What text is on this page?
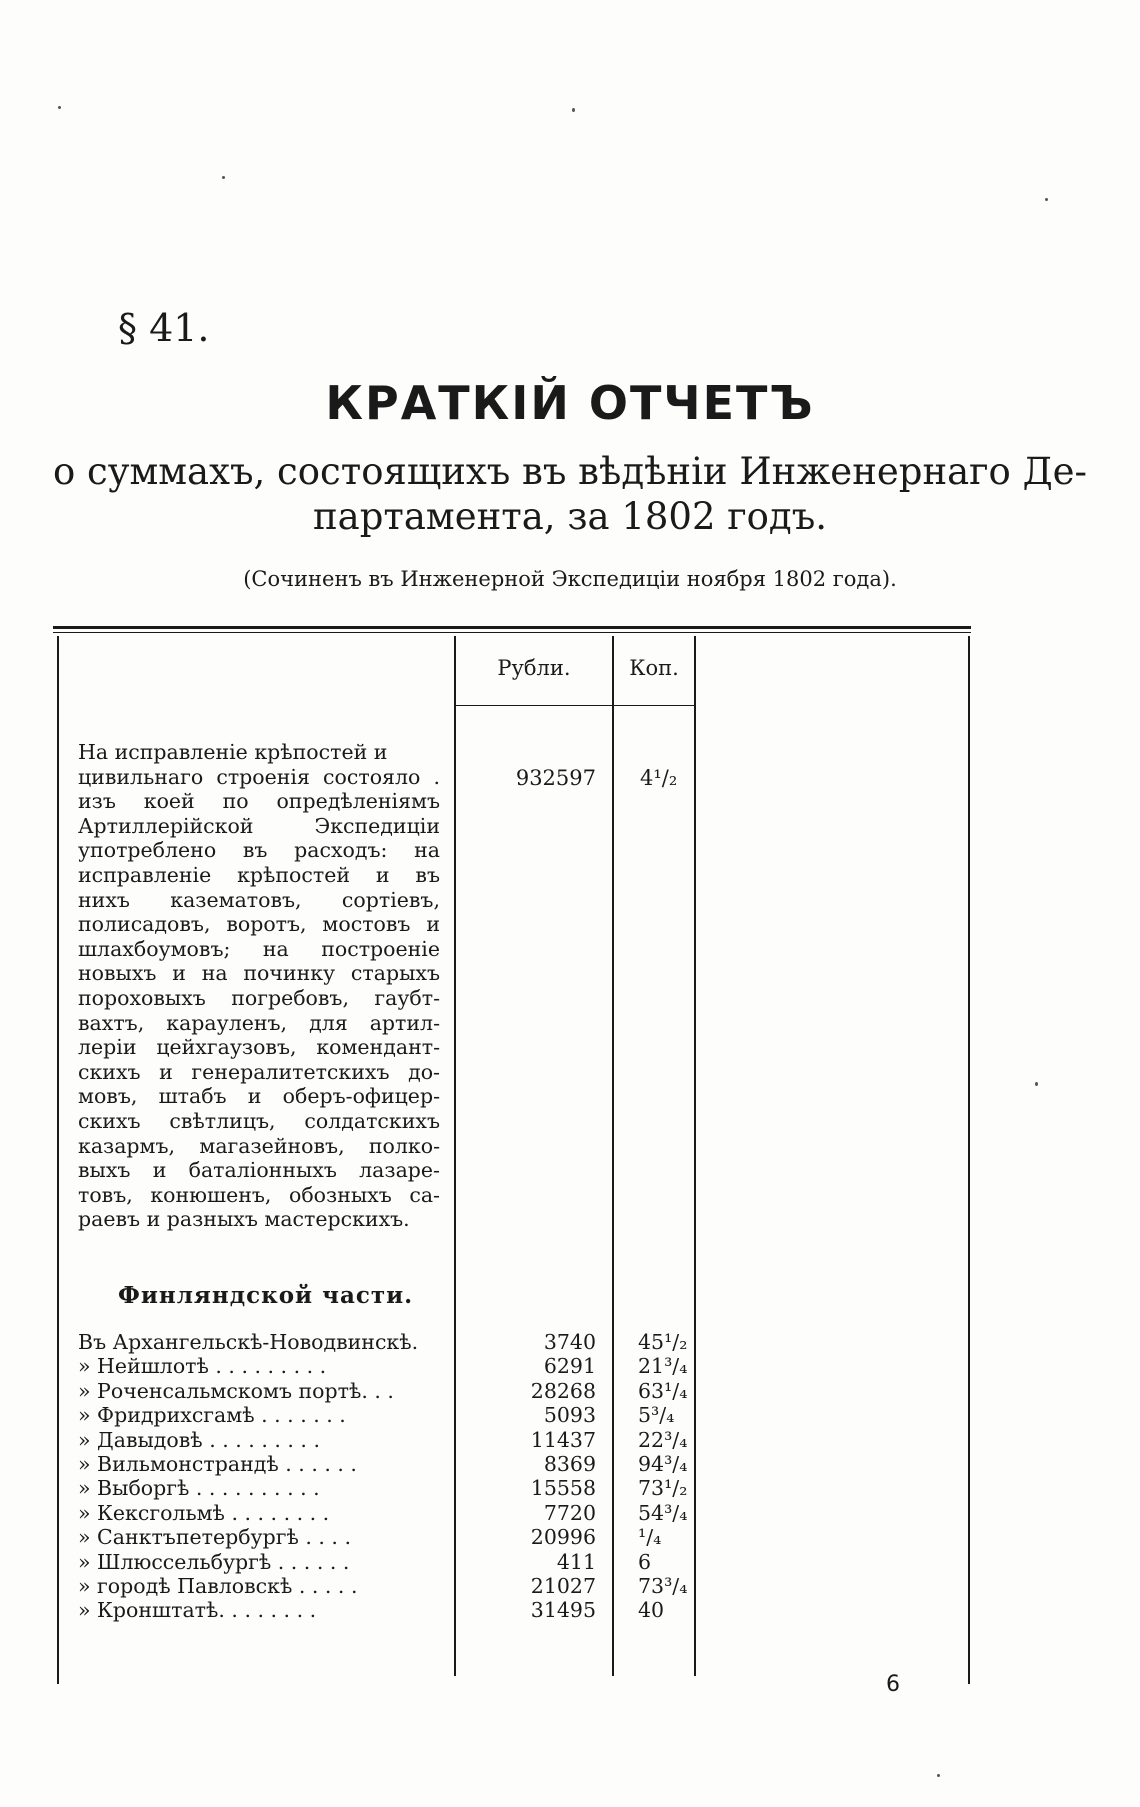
§ 41.
КРАТКІЙ ОТЧЕТЪ
о суммахъ, состоящихъ въ вѣдѣніи Инженернаго Де-
партамента, за 1802 годъ.
(Сочиненъ въ Инженерной Экспедиціи ноября 1802 года).
Рубли.	Коп.
На исправленіе крѣпостей и
цивильнаго строенія состояло .
изъ коей по опредѣленіямъ
Артиллерійской Экспедиціи
употреблено въ расходъ: на
исправленіе крѣпостей и въ
нихъ казематовъ, сортіевъ,
полисадовъ, воротъ, мостовъ и
шлахбоумовъ; на построеніе
новыхъ и на починку старыхъ
пороховыхъ погребовъ, гаубт-
вахтъ, карауленъ, для артил-
леріи цейхгаузовъ, комендант-
скихъ и генералитетскихъ до-
мовъ, штабъ и оберъ-офицер-
скихъ свѣтлицъ, солдатскихъ
казармъ, магазейновъ, полко-
выхъ и баталіонныхъ лазаре-
товъ, конюшенъ, обозныхъ са-
раевъ и разныхъ мастерскихъ.
932597 4¹/₂
Финляндской части.
Въ Архангельскѣ-Новодвинскѣ.	3740 45¹/₂
» Нейшлотѣ . . . . . . . . .	6291 21³/₄
» Роченсальмскомъ портѣ. . .	28268 63¹/₄
» Фридрихсгамѣ . . . . . . .	5093 5³/₄
» Давыдовѣ . . . . . . . . .	11437 22³/₄
» Вильмонстрандѣ . . . . . .	8369 94³/₄
» Выборгѣ . . . . . . . . . .	15558 73¹/₂
» Кексгольмѣ . . . . . . . .	7720 54³/₄
» Санктъпетербургѣ . . . .	20996 ¹/₄
» Шлюссельбургѣ . . . . . .	411 6
» городѣ Павловскѣ . . . . .	21027 73³/₄
» Кронштатѣ. . . . . . . .	31495 40
6
